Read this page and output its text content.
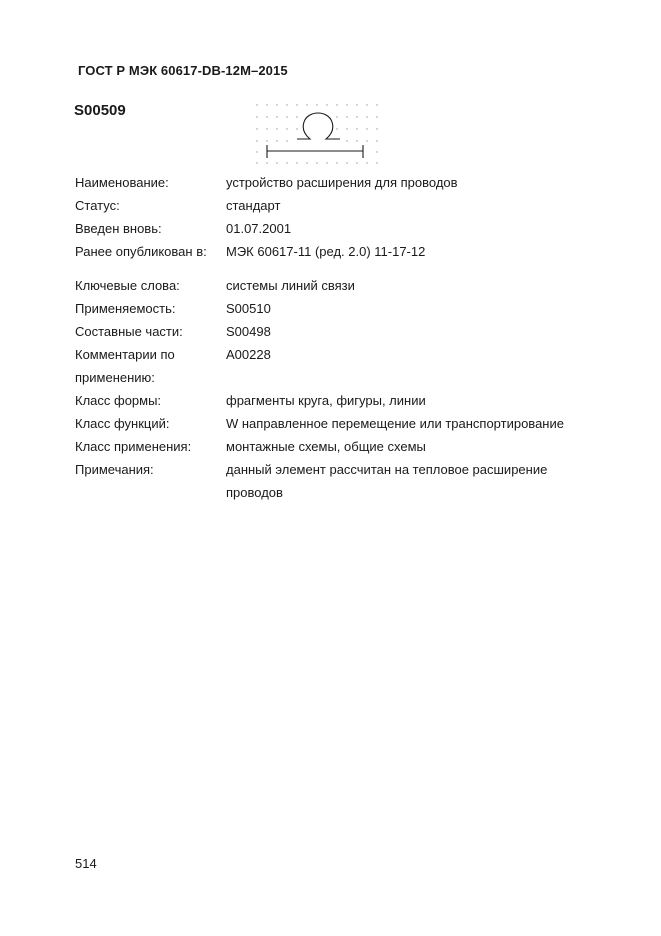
ГОСТ Р МЭК 60617-DB-12M–2015
S00509
Наименование:	устройство расширения для проводов
Статус:	стандарт
Введен вновь:	01.07.2001
Ранее опубликован в:	МЭК 60617-11 (ред. 2.0) 11-17-12
Ключевые слова:	системы линий связи
Применяемость:	S00510
Составные части:	S00498
Комментарии по	A00228
применению:
Класс формы:	фрагменты круга, фигуры, линии
Класс функций:	W направленное перемещение или транспортирование
Класс применения:	монтажные схемы, общие схемы
Примечания:	данный элемент рассчитан на тепловое расширение
проводов
514
